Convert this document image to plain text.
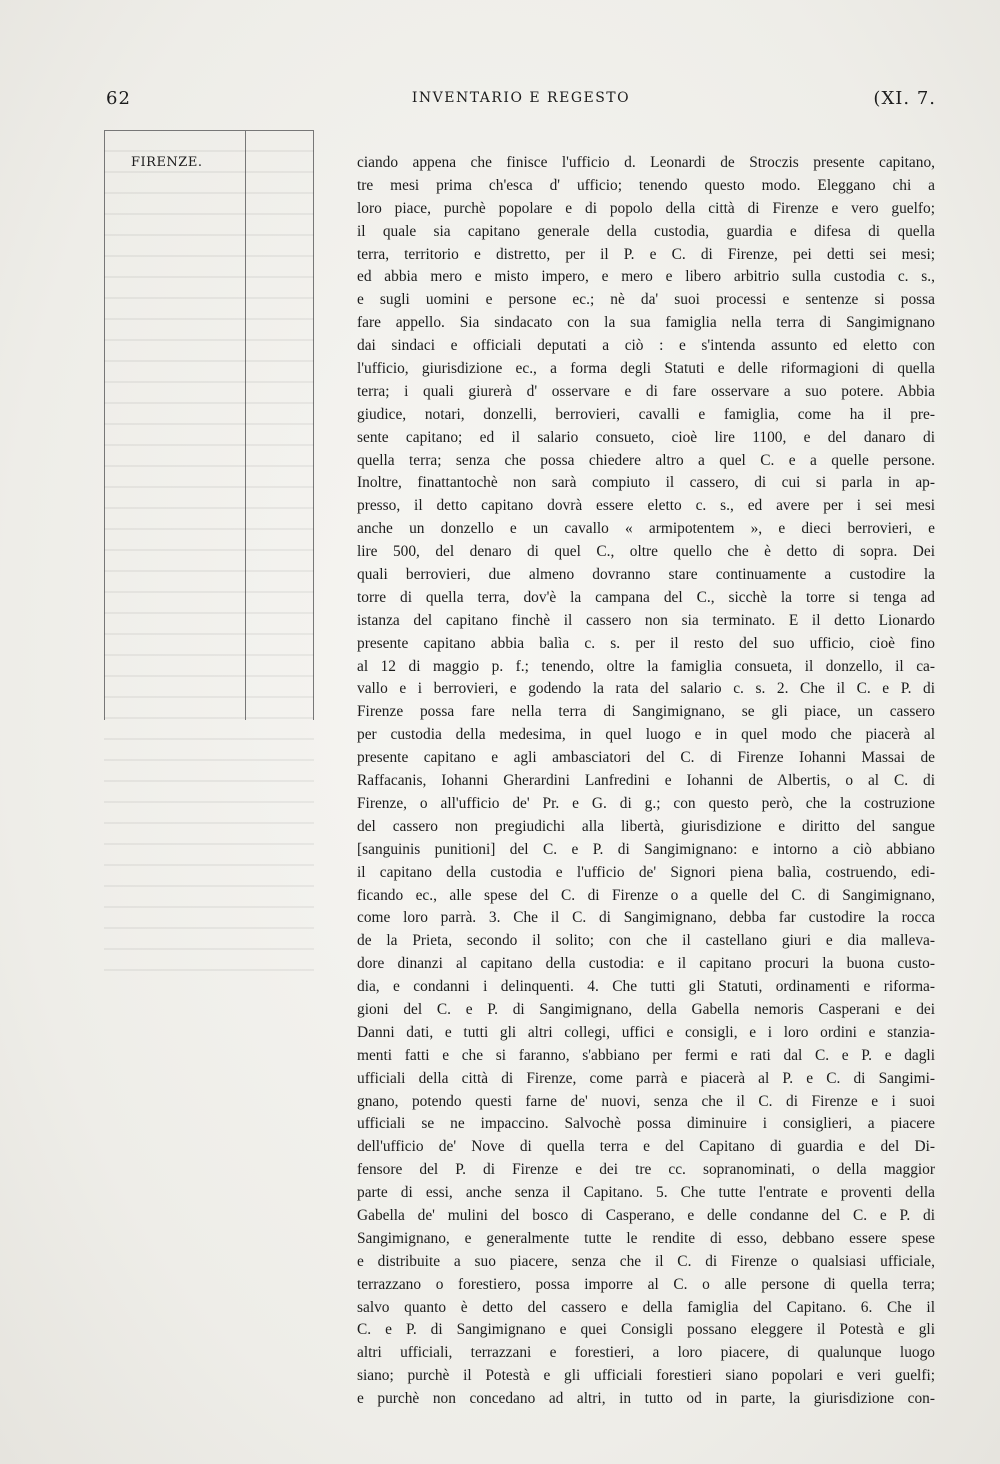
62	INVENTARIO E REGESTO	(XI. 7.
FIRENZE.	ciando appena che finisce l'ufficio d. Leonardi de Stroczis presente capitano,
tre mesi prima ch'esca d' ufficio; tenendo questo modo. Eleggano chi a
loro piace, purchè popolare e di popolo della città di Firenze e vero guelfo;
il quale sia capitano generale della custodia, guardia e difesa di quella
terra, territorio e distretto, per il P. e C. di Firenze, pei detti sei mesi;
ed abbia mero e misto impero, e mero e libero arbitrio sulla custodia c. s.,
e sugli uomini e persone ec.; nè da' suoi processi e sentenze si possa
fare appello. Sia sindacato con la sua famiglia nella terra di Sangimignano
dai sindaci e officiali deputati a ciò : e s'intenda assunto ed eletto con
l'ufficio, giurisdizione ec., a forma degli Statuti e delle riformagioni di quella
terra; i quali giurerà d' osservare e di fare osservare a suo potere. Abbia
giudice, notari, donzelli, berrovieri, cavalli e famiglia, come ha il pre-
sente capitano; ed il salario consueto, cioè lire 1100, e del danaro di
quella terra; senza che possa chiedere altro a quel C. e a quelle persone.
Inoltre, finattantochè non sarà compiuto il cassero, di cui si parla in ap-
presso, il detto capitano dovrà essere eletto c. s., ed avere per i sei mesi
anche un donzello e un cavallo « armipotentem », e dieci berrovieri, e
lire 500, del denaro di quel C., oltre quello che è detto di sopra. Dei
quali berrovieri, due almeno dovranno stare continuamente a custodire la
torre di quella terra, dov'è la campana del C., sicchè la torre si tenga ad
istanza del capitano finchè il cassero non sia terminato. E il detto Lionardo
presente capitano abbia balìa c. s. per il resto del suo ufficio, cioè fino
al 12 di maggio p. f.; tenendo, oltre la famiglia consueta, il donzello, il ca-
vallo e i berrovieri, e godendo la rata del salario c. s. 2. Che il C. e P. di
Firenze possa fare nella terra di Sangimignano, se gli piace, un cassero
per custodia della medesima, in quel luogo e in quel modo che piacerà al
presente capitano e agli ambasciatori del C. di Firenze Iohanni Massai de
Raffacanis, Iohanni Gherardini Lanfredini e Iohanni de Albertis, o al C. di
Firenze, o all'ufficio de' Pr. e G. di g.; con questo però, che la costruzione
del cassero non pregiudichi alla libertà, giurisdizione e diritto del sangue
[sanguinis punitioni] del C. e P. di Sangimignano: e intorno a ciò abbiano
il capitano della custodia e l'ufficio de' Signori piena balìa, costruendo, edi-
ficando ec., alle spese del C. di Firenze o a quelle del C. di Sangimignano,
come loro parrà. 3. Che il C. di Sangimignano, debba far custodire la rocca
de la Prieta, secondo il solito; con che il castellano giuri e dia malleva-
dore dinanzi al capitano della custodia: e il capitano procuri la buona custo-
dia, e condanni i delinquenti. 4. Che tutti gli Statuti, ordinamenti e riforma-
gioni del C. e P. di Sangimignano, della Gabella nemoris Casperani e dei
Danni dati, e tutti gli altri collegi, uffici e consigli, e i loro ordini e stanzia-
menti fatti e che si faranno, s'abbiano per fermi e rati dal C. e P. e dagli
ufficiali della città di Firenze, come parrà e piacerà al P. e C. di Sangimi-
gnano, potendo questi farne de' nuovi, senza che il C. di Firenze e i suoi
ufficiali se ne impaccino. Salvochè possa diminuire i consiglieri, a piacere
dell'ufficio de' Nove di quella terra e del Capitano di guardia e del Di-
fensore del P. di Firenze e dei tre cc. sopranominati, o della maggior
parte di essi, anche senza il Capitano. 5. Che tutte l'entrate e proventi della
Gabella de' mulini del bosco di Casperano, e delle condanne del C. e P. di
Sangimignano, e generalmente tutte le rendite di esso, debbano essere spese
e distribuite a suo piacere, senza che il C. di Firenze o qualsiasi ufficiale,
terrazzano o forestiero, possa imporre al C. o alle persone di quella terra;
salvo quanto è detto del cassero e della famiglia del Capitano. 6. Che il
C. e P. di Sangimignano e quei Consigli possano eleggere il Potestà e gli
altri ufficiali, terrazzani e forestieri, a loro piacere, di qualunque luogo
siano; purchè il Potestà e gli ufficiali forestieri siano popolari e veri guelfi;
e purchè non concedano ad altri, in tutto od in parte, la giurisdizione con-
